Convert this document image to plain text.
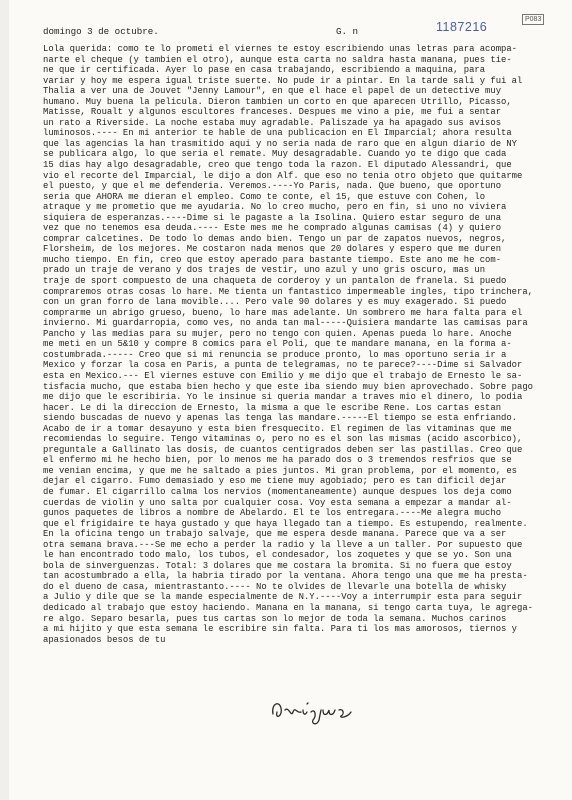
1187216
P083
domingo 3 de octubre.	G. n
Lola querida: como te lo prometi el viernes te estoy escribiendo unas letras para acompa-
narte el cheque (y tambien el otro), aunque esta carta no saldra hasta manana, pues tie-
ne que ir certificada. Ayer lo pase en casa trabajando, escribiendo a maquina, para
variar y hoy me espera igual triste suerte. No pude ir a pintar. En la tarde sali y fui al
Thalia a ver una de Jouvet "Jenny Lamour", en que el hace el papel de un detective muy
humano. Muy buena la pelicula. Dieron tambien un corto en que aparecen Utrillo, Picasso,
Matisse, Roualt y algunos escultores franceses. Despues me vino a pie, me fui a sentar
un rato a Riverside. La noche estaba muy agradable. Paliszade ya ha apagado sus avisos
luminosos.---- En mi anterior te hable de una publicacion en El Imparcial; ahora resulta
que las agencias la han trasmitido aqui y no seria nada de raro que en algun diario de NY
se publicara algo, lo que seria el remate. Muy desagradable. Cuando yo te digo que cada
15 dias hay algo desagradable, creo que tengo toda la razon. El diputado Alessandri, que
vio el recorte del Imparcial, le dijo a don Alf. que eso no tenia otro objeto que quitarme
el puesto, y que el me defenderia. Veremos.----Yo Paris, nada. Que bueno, que oportuno
seria que AHORA me dieran el empleo. Como te conte, el 15, que estuve con Cohen, lo
atraque y me prometio que me ayudaria. No lo creo mucho, pero en fin, si uno no viviera
siquiera de esperanzas.----Dime si le pagaste a la Isolina. Quiero estar seguro de una
vez que no tenemos esa deuda.---- Este mes me he comprado algunas camisas (4) y quiero
comprar calcetines. De todo lo demas ando bien. Tengo un par de zapatos nuevos, negros,
Florsheim, de los mejores. Me costaron nada menos que 20 dolares y espero que me duren
mucho tiempo. En fin, creo que estoy aperado para bastante tiempo. Este ano me he com-
prado un traje de verano y dos trajes de vestir, uno azul y uno gris oscuro, mas un
traje de sport compuesto de una chaqueta de corderoy y un pantalon de franela. Si puedo
compraremos otras cosas lo hare. Me tienta un fantastico impermeable ingles, tipo trinchera,
con un gran forro de lana movible.... Pero vale 90 dolares y es muy exagerado. Si puedo
comprarme un abrigo grueso, bueno, lo hare mas adelante. Un sombrero me hara falta para el
invierno. Mi guardarropia, como ves, no anda tan mal-----Quisiera mandarte las camisas para
Pancho y las medias para su mujer, pero no tengo con quien. Apenas pueda lo hare. Anoche
me meti en un 5&10 y compre 8 comics para el Poli, que te mandare manana, en la forma a-
costumbrada.----- Creo que si mi renuncia se produce pronto, lo mas oportuno seria ir a
Mexico y forzar la cosa en Paris, a punta de telegramas, no te parece?----Dime si Salvador
esta en Mexico.--- El viernes estuve con Emilio y me dijo que el trabajo de Ernesto le sa-
tisfacia mucho, que estaba bien hecho y que este iba siendo muy bien aprovechado. Sobre pago
me dijo que le escribiria. Yo le insinue si queria mandar a traves mio el dinero, lo podia
hacer. Le di la direccion de Ernesto, la misma a que le escribe Rene. Los cartas estan
siendo buscadas de nuevo y apenas las tenga las mandare.-----El tiempo se esta enfriando.
Acabo de ir a tomar desayuno y esta bien fresquecito. El regimen de las vitaminas que me
recomiendas lo seguire. Tengo vitaminas o, pero no es el son las mismas (acido ascorbico),
preguntale a Gallinato las dosis, de cuantos centigrados deben ser las pastillas. Creo que
el enfermo mi he hecho bien, por lo menos me ha parado dos o 3 tremendos resfrios que se
me venian encima, y que me he saltado a pies juntos. Mi gran problema, por el momento, es
dejar el cigarro. Fumo demasiado y eso me tiene muy agobiado; pero es tan dificil dejar
de fumar. El cigarrillo calma los nervios (momentaneamente) aunque despues los deja como
cuerdas de violin y uno salta por cualquier cosa. Voy esta semana a empezar a mandar al-
gunos paquetes de libros a nombre de Abelardo. El te los entregara.----Me alegra mucho
que el frigidaire te haya gustado y que haya llegado tan a tiempo. Es estupendo, realmente.
En la oficina tengo un trabajo salvaje, que me espera desde manana. Parece que va a ser
otra semana brava.---Se me echo a perder la radio y la lleve a un taller. Por supuesto que
le han encontrado todo malo, los tubos, el condesador, los zoquetes y que se yo. Son una
bola de sinverguenzas. Total: 3 dolares que me costara la bromita. Si no fuera que estoy
tan acostumbrado a ella, la habria tirado por la ventana. Ahora tengo una que me ha presta-
do el dueno de casa, mientrastanto.---- No te olvides de llevarle una botella de whisky
a Julio y dile que se la mande especialmente de N.Y.----Voy a interrumpir esta para seguir
dedicado al trabajo que estoy haciendo. Manana en la manana, si tengo carta tuya, le agrega-
re algo. Separo besarla, pues tus cartas son lo mejor de toda la semana. Muchos carinos
a mi hijito y que esta semana le escribire sin falta. Para ti los mas amorosos, tiernos y
apasionados besos de tu
